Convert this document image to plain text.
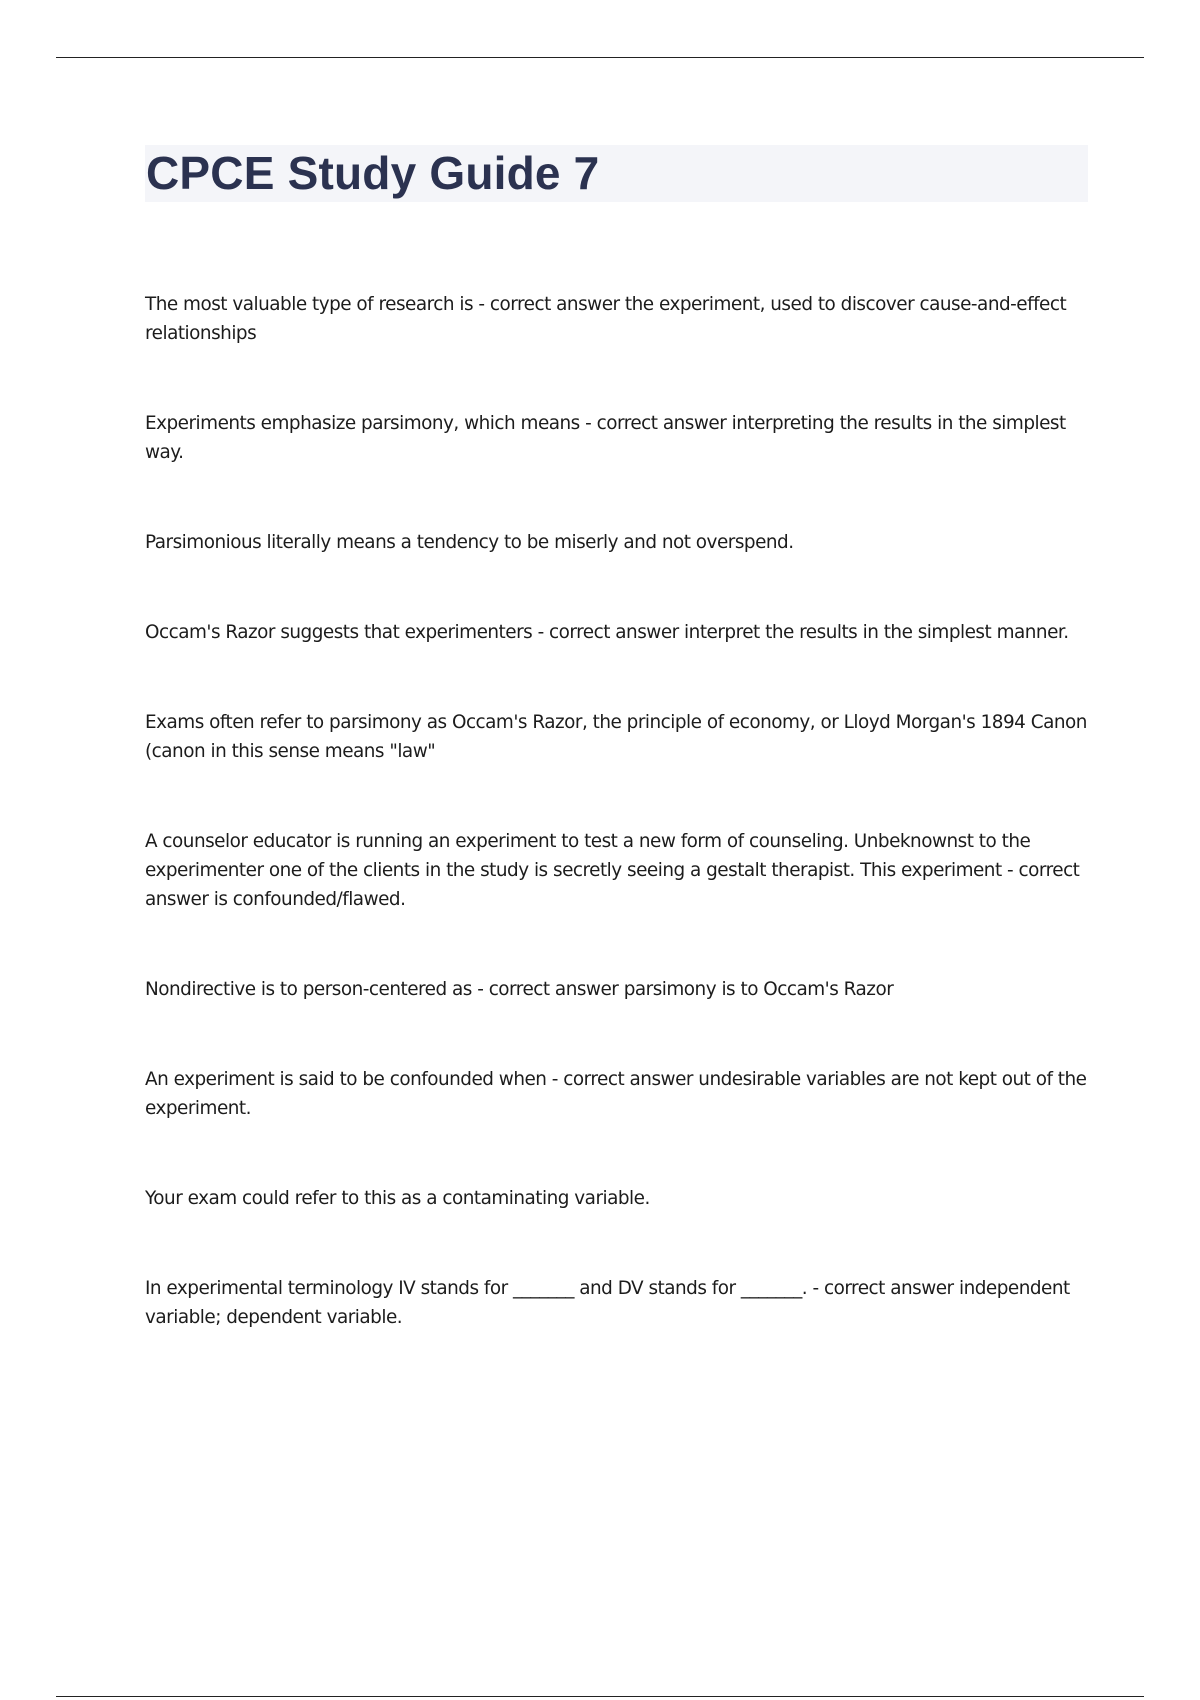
CPCE Study Guide 7

The most valuable type of research is - correct answer the experiment, used to discover cause-and-effect relationships

Experiments emphasize parsimony, which means - correct answer interpreting the results in the simplest way.

Parsimonious literally means a tendency to be miserly and not overspend.

Occam's Razor suggests that experimenters - correct answer interpret the results in the simplest manner.

Exams often refer to parsimony as Occam's Razor, the principle of economy, or Lloyd Morgan's 1894 Canon (canon in this sense means "law"

A counselor educator is running an experiment to test a new form of counseling. Unbeknownst to the experimenter one of the clients in the study is secretly seeing a gestalt therapist. This experiment - correct answer is confounded/flawed.

Nondirective is to person-centered as - correct answer parsimony is to Occam's Razor

An experiment is said to be confounded when - correct answer undesirable variables are not kept out of the experiment.

Your exam could refer to this as a contaminating variable.

In experimental terminology IV stands for _______ and DV stands for _______. - correct answer independent variable; dependent variable.
